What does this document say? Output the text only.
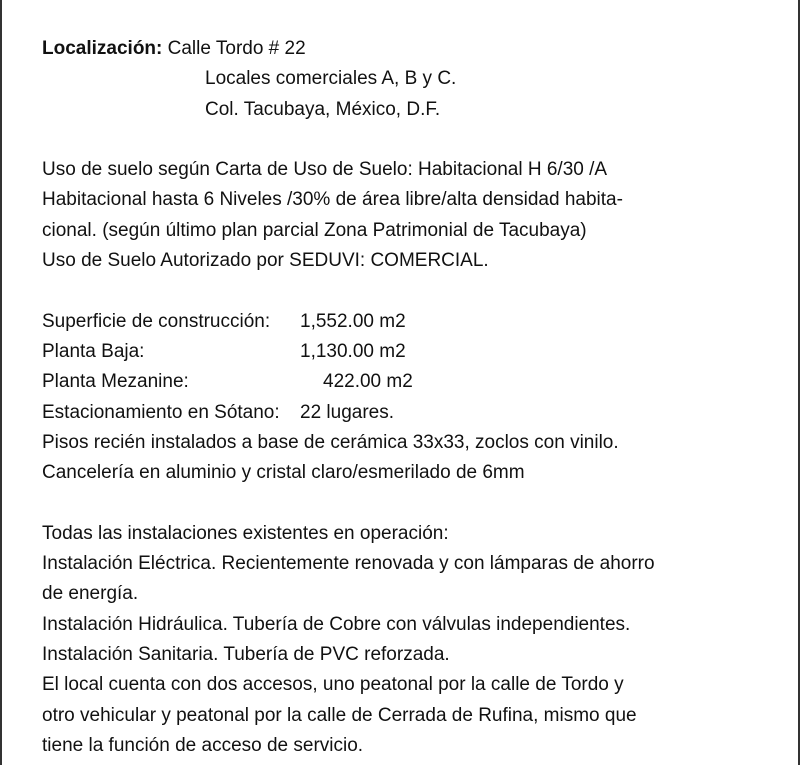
Localización: Calle Tordo # 22
Locales comerciales A, B y C.
Col. Tacubaya, México, D.F.
Uso de suelo según Carta de Uso de Suelo: Habitacional H 6/30 /A
Habitacional hasta 6 Niveles /30% de área libre/alta densidad habita-
cional. (según último plan parcial Zona Patrimonial de Tacubaya)
Uso de Suelo Autorizado por SEDUVI: COMERCIAL.
Superficie de construcción:	1,552.00 m2
Planta Baja:	1,130.00 m2
Planta Mezanine:	422.00 m2
Estacionamiento en Sótano:	22 lugares.
Pisos recién instalados a base de cerámica 33x33, zoclos con vinilo.
Cancelería en aluminio y cristal claro/esmerilado de 6mm
Todas las instalaciones existentes en operación:
Instalación Eléctrica. Recientemente renovada y con lámparas de ahorro
de energía.
Instalación Hidráulica. Tubería de Cobre con válvulas independientes.
Instalación Sanitaria. Tubería de PVC reforzada.
El local cuenta con dos accesos, uno peatonal por la calle de Tordo y
otro vehicular y peatonal por la calle de Cerrada de Rufina, mismo que
tiene la función de acceso de servicio.
